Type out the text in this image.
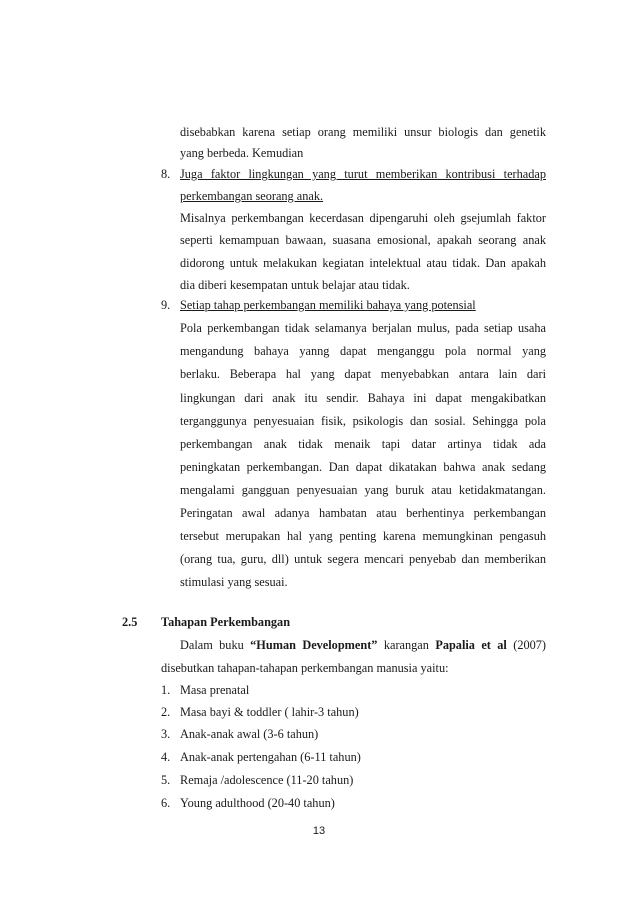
disebabkan karena setiap orang memiliki unsur biologis dan genetik
yang berbeda. Kemudian
8. Juga faktor lingkungan yang turut memberikan kontribusi terhadap
perkembangan seorang anak.
Misalnya perkembangan kecerdasan dipengaruhi oleh gsejumlah faktor
seperti kemampuan bawaan, suasana emosional, apakah seorang anak
didorong untuk melakukan kegiatan intelektual atau tidak. Dan apakah
dia diberi kesempatan untuk belajar atau tidak.
9. Setiap tahap perkembangan memiliki bahaya yang potensial
Pola perkembangan tidak selamanya berjalan mulus, pada setiap usaha
mengandung bahaya yanng dapat menganggu pola normal yang
berlaku. Beberapa hal yang dapat menyebabkan antara lain dari
lingkungan dari anak itu sendir. Bahaya ini dapat mengakibatkan
terganggunya penyesuaian fisik, psikologis dan sosial. Sehingga pola
perkembangan anak tidak menaik tapi datar artinya tidak ada
peningkatan perkembangan. Dan dapat dikatakan bahwa anak sedang
mengalami gangguan penyesuaian yang buruk atau ketidakmatangan.
Peringatan awal adanya hambatan atau berhentinya perkembangan
tersebut merupakan hal yang penting karena memungkinan pengasuh
(orang tua, guru, dll) untuk segera mencari penyebab dan memberikan
stimulasi yang sesuai.
2.5 Tahapan Perkembangan
Dalam buku “Human Development” karangan Papalia et al (2007)
disebutkan tahapan-tahapan perkembangan manusia yaitu:
1. Masa prenatal
2. Masa bayi & toddler ( lahir-3 tahun)
3. Anak-anak awal (3-6 tahun)
4. Anak-anak pertengahan (6-11 tahun)
5. Remaja /adolescence (11-20 tahun)
6. Young adulthood (20-40 tahun)
13
